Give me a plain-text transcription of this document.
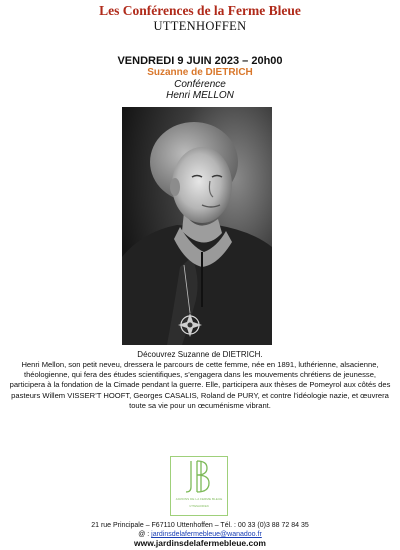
Les Conférences de la Ferme Bleue
UTTENHOFFEN
VENDREDI 9 JUIN 2023 – 20h00
Suzanne de DIETRICH
Conférence
Henri MELLON
Découvrez Suzanne de DIETRICH.
Henri Mellon, son petit neveu, dressera le parcours de cette femme, née en 1891, luthérienne, alsacienne, théologienne, qui fera des études scientifiques, s’engagera dans les mouvements chrétiens de jeunesse, participera à la fondation de la Cimade pendant la guerre. Elle, participera aux thèses de Pomeyrol aux côtés des pasteurs Willem VISSER’T HOOFT, Georges CASALIS, Roland de PURY, et contre l’idéologie nazie, et œuvrera toute sa vie pour un œcuménisme vibrant.
JARDINS DE LA FERME BLEUE
UTTENHOFFEN
21 rue Principale – F67110 Uttenhoffen – Tél. : 00 33 (0)3 88 72 84 35
@ : jardinsdelafermebleue@wanadoo.fr
www.jardinsdelafermebleue.com
